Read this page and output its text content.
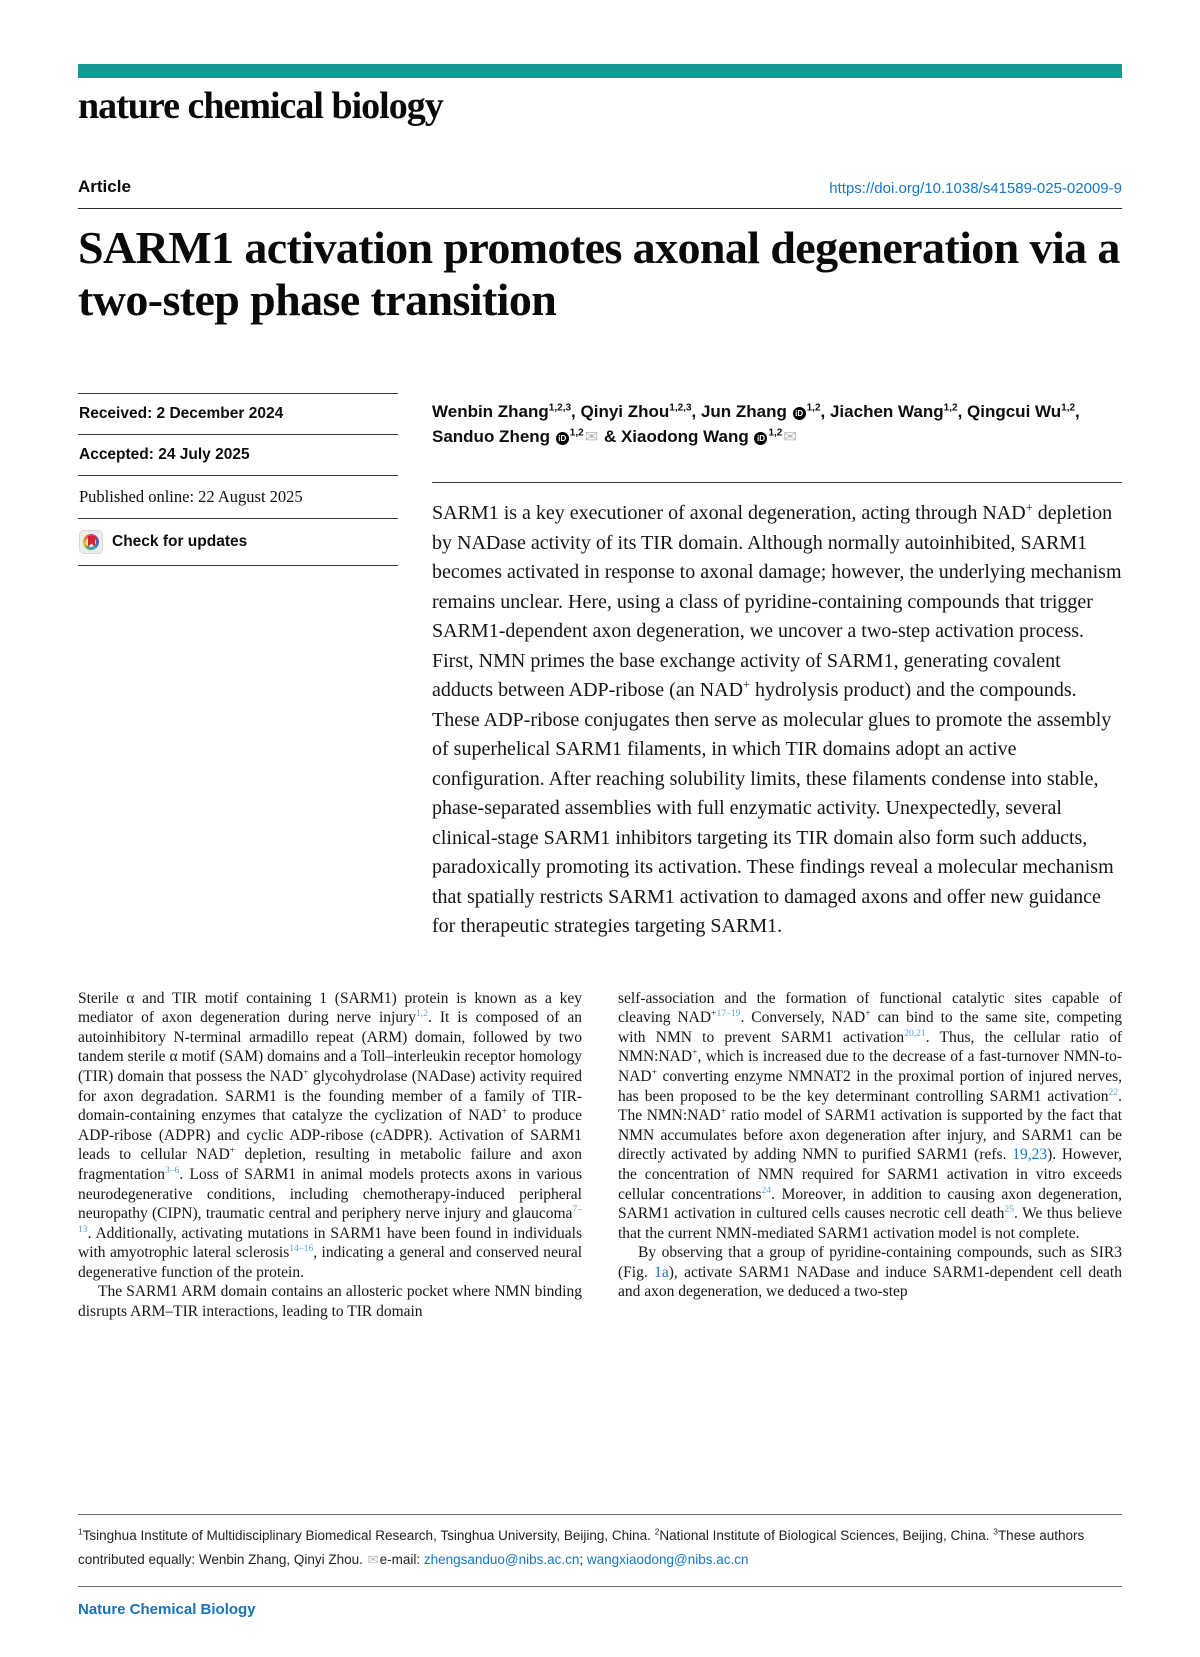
nature chemical biology
Article	https://doi.org/10.1038/s41589-025-02009-9
SARM1 activation promotes axonal degeneration via a two-step phase transition
Received: 2 December 2024
Accepted: 24 July 2025
Published online: 22 August 2025
Check for updates
Wenbin Zhang$^{1,2,3}$, Qinyi Zhou$^{1,2,3}$, Jun Zhang iD$^{1,2}$, Jiachen Wang$^{1,2}$, Qingcui Wu$^{1,2}$, Sanduo Zheng iD$^{1,2}$✉ & Xiaodong Wang iD$^{1,2}$✉
SARM1 is a key executioner of axonal degeneration, acting through NAD+ depletion by NADase activity of its TIR domain. Although normally autoinhibited, SARM1 becomes activated in response to axonal damage; however, the underlying mechanism remains unclear. Here, using a class of pyridine-containing compounds that trigger SARM1-dependent axon degeneration, we uncover a two-step activation process. First, NMN primes the base exchange activity of SARM1, generating covalent adducts between ADP-ribose (an NAD+ hydrolysis product) and the compounds. These ADP-ribose conjugates then serve as molecular glues to promote the assembly of superhelical SARM1 filaments, in which TIR domains adopt an active configuration. After reaching solubility limits, these filaments condense into stable, phase-separated assemblies with full enzymatic activity. Unexpectedly, several clinical-stage SARM1 inhibitors targeting its TIR domain also form such adducts, paradoxically promoting its activation. These findings reveal a molecular mechanism that spatially restricts SARM1 activation to damaged axons and offer new guidance for therapeutic strategies targeting SARM1.

Sterile α and TIR motif containing 1 (SARM1) protein is known as a key mediator of axon degeneration during nerve injury$^{1,2}$. It is composed of an autoinhibitory N-terminal armadillo repeat (ARM) domain, followed by two tandem sterile α motif (SAM) domains and a Toll–interleukin receptor homology (TIR) domain that possess the NAD+ glycohydrolase (NADase) activity required for axon degradation. SARM1 is the founding member of a family of TIR-domain-containing enzymes that catalyze the cyclization of NAD+ to produce ADP-ribose (ADPR) and cyclic ADP-ribose (cADPR). Activation of SARM1 leads to cellular NAD+ depletion, resulting in metabolic failure and axon fragmentation$^{3-6}$. Loss of SARM1 in animal models protects axons in various neurodegenerative conditions, including chemotherapy-induced peripheral neuropathy (CIPN), traumatic central and periphery nerve injury and glaucoma$^{7-13}$. Additionally, activating mutations in SARM1 have been found in individuals with amyotrophic lateral sclerosis$^{14-16}$, indicating a general and conserved neural degenerative function of the protein.

The SARM1 ARM domain contains an allosteric pocket where NMN binding disrupts ARM–TIR interactions, leading to TIR domain

self-association and the formation of functional catalytic sites capable of cleaving NAD$^{+17-19}$. Conversely, NAD+ can bind to the same site, competing with NMN to prevent SARM1 activation$^{20,21}$. Thus, the cellular ratio of NMN:NAD+, which is increased due to the decrease of a fast-turnover NMN-to-NAD+ converting enzyme NMNAT2 in the proximal portion of injured nerves, has been proposed to be the key determinant controlling SARM1 activation$^{22}$. The NMN:NAD+ ratio model of SARM1 activation is supported by the fact that NMN accumulates before axon degeneration after injury, and SARM1 can be directly activated by adding NMN to purified SARM1 (refs. 19,23). However, the concentration of NMN required for SARM1 activation in vitro exceeds cellular concentrations$^{24}$. Moreover, in addition to causing axon degeneration, SARM1 activation in cultured cells causes necrotic cell death$^{25}$. We thus believe that the current NMN-mediated SARM1 activation model is not complete.

By observing that a group of pyridine-containing compounds, such as SIR3 (Fig. 1a), activate SARM1 NADase and induce SARM1-dependent cell death and axon degeneration, we deduced a two-step

$^1$Tsinghua Institute of Multidisciplinary Biomedical Research, Tsinghua University, Beijing, China. $^2$National Institute of Biological Sciences, Beijing, China. $^3$These authors contributed equally: Wenbin Zhang, Qinyi Zhou. ✉e-mail: zhengsanduo@nibs.ac.cn; wangxiaodong@nibs.ac.cn
Nature Chemical Biology
